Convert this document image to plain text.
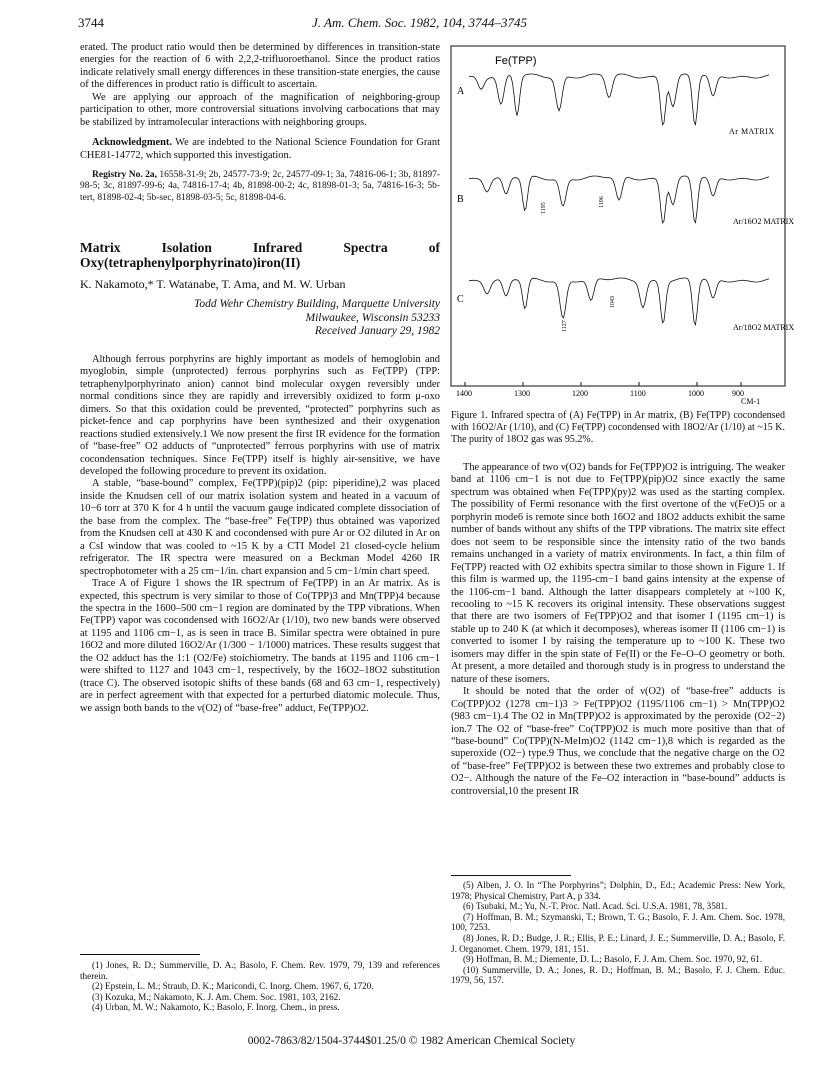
3744	J. Am. Chem. Soc. 1982, 104, 3744–3745

erated. The product ratio would then be determined by differences in transition-state energies for the reaction of 6 with 2,2,2-trifluoroethanol. Since the product ratios indicate relatively small energy differences in these transition-state energies, the cause of the differences in product ratio is difficult to ascertain.

We are applying our approach of the magnification of neighboring-group participation to other, more controversial situations involving carbocations that may be stabilized by intramolecular interactions with neighboring groups.

Acknowledgment. We are indebted to the National Science Foundation for Grant CHE81-14772, which supported this investigation.

Registry No. 2a, 16558-31-9; 2b, 24577-73-9; 2c, 24577-09-1; 3a, 74816-06-1; 3b, 81897-98-5; 3c, 81897-99-6; 4a, 74816-17-4; 4b, 81898-00-2; 4c, 81898-01-3; 5a, 74816-16-3; 5b-tert, 81898-02-4; 5b-sec, 81898-03-5; 5c, 81898-04-6.

Matrix Isolation Infrared Spectra of Oxy(tetraphenylporphyrinato)iron(II)
K. Nakamoto,* T. Watanabe, T. Ama, and M. W. Urban
Todd Wehr Chemistry Building, Marquette University
Milwaukee, Wisconsin 53233
Received January 29, 1982

Although ferrous porphyrins are highly important as models of hemoglobin and myoglobin, simple (unprotected) ferrous porphyrins such as Fe(TPP) (TPP: tetraphenylporphyrinato anion) cannot bind molecular oxygen reversibly under normal conditions since they are rapidly and irreversibly oxidized to form μ-oxo dimers. So that this oxidation could be prevented, “protected” porphyrins such as picket-fence and cap porphyrins have been synthesized and their oxygenation reactions studied extensively.1 We now present the first IR evidence for the formation of “base-free” O2 adducts of “unprotected” ferrous porphyrins with use of matrix cocondensation techniques. Since Fe(TPP) itself is highly air-sensitive, we have developed the following procedure to prevent its oxidation.

A stable, “base-bound” complex, Fe(TPP)(pip)2 (pip: piperidine),2 was placed inside the Knudsen cell of our matrix isolation system and heated in a vacuum of 10−6 torr at 370 K for 4 h until the vacuum gauge indicated complete dissociation of the base from the complex. The “base-free” Fe(TPP) thus obtained was vaporized from the Knudsen cell at 430 K and cocondensed with pure Ar or O2 diluted in Ar on a CsI window that was cooled to ~15 K by a CTI Model 21 closed-cycle helium refrigerator. The IR spectra were measured on a Beckman Model 4260 IR spectrophotometer with a 25 cm−1/in. chart expansion and 5 cm−1/min chart speed.

Trace A of Figure 1 shows the IR spectrum of Fe(TPP) in an Ar matrix. As is expected, this spectrum is very similar to those of Co(TPP)3 and Mn(TPP)4 because the spectra in the 1600–500 cm−1 region are dominated by the TPP vibrations. When Fe(TPP) vapor was cocondensed with 16O2/Ar (1/10), two new bands were observed at 1195 and 1106 cm−1, as is seen in trace B. Similar spectra were obtained in pure 16O2 and more diluted 16O2/Ar (1/300 − 1/1000) matrices. These results suggest that the O2 adduct has the 1:1 (O2/Fe) stoichiometry. The bands at 1195 and 1106 cm−1 were shifted to 1127 and 1043 cm−1, respectively, by the 16O2–18O2 substitution (trace C). The observed isotopic shifts of these bands (68 and 63 cm−1, respectively) are in perfect agreement with that expected for a perturbed diatomic molecule. Thus, we assign both bands to the ν(O2) of “base-free” adduct, Fe(TPP)O2.

(1) Jones, R. D.; Summerville, D. A.; Basolo, F. Chem. Rev. 1979, 79, 139 and references therein.
(2) Epstein, L. M.; Straub, D. K.; Maricondi, C. Inorg. Chem. 1967, 6, 1720.
(3) Kozuka, M.; Nakamoto, K. J. Am. Chem. Soc. 1981, 103, 2162.
(4) Urban, M. W.; Nakamoto, K.; Basolo, F. Inorg. Chem., in press.
Fe(TPP)
A
B
C
Ar MATRIX
Ar/16O2 MATRIX
Ar/18O2 MATRIX
1195
1106
1127
1043
1400	1300	1200	1100	1000	900
CM-1
Figure 1. Infrared spectra of (A) Fe(TPP) in Ar matrix, (B) Fe(TPP) cocondensed with 16O2/Ar (1/10), and (C) Fe(TPP) cocondensed with 18O2/Ar (1/10) at ~15 K. The purity of 18O2 gas was 95.2%.

The appearance of two ν(O2) bands for Fe(TPP)O2 is intriguing. The weaker band at 1106 cm−1 is not due to Fe(TPP)(pip)O2 since exactly the same spectrum was obtained when Fe(TPP)(py)2 was used as the starting complex. The possibility of Fermi resonance with the first overtone of the ν(FeO)5 or a porphyrin mode6 is remote since both 16O2 and 18O2 adducts exhibit the same number of bands without any shifts of the TPP vibrations. The matrix site effect does not seem to be responsible since the intensity ratio of the two bands remains unchanged in a variety of matrix environments. In fact, a thin film of Fe(TPP) reacted with O2 exhibits spectra similar to those shown in Figure 1. If this film is warmed up, the 1195-cm−1 band gains intensity at the expense of the 1106-cm−1 band. Although the latter disappears completely at ~100 K, recooling to ~15 K recovers its original intensity. These observations suggest that there are two isomers of Fe(TPP)O2 and that isomer I (1195 cm−1) is stable up to 240 K (at which it decomposes), whereas isomer II (1106 cm−1) is converted to isomer I by raising the temperature up to ~100 K. These two isomers may differ in the spin state of Fe(II) or the Fe–O–O geometry or both. At present, a more detailed and thorough study is in progress to understand the nature of these isomers.

It should be noted that the order of ν(O2) of “base-free” adducts is Co(TPP)O2 (1278 cm−1)3 > Fe(TPP)O2 (1195/1106 cm−1) > Mn(TPP)O2 (983 cm−1).4 The O2 in Mn(TPP)O2 is approximated by the peroxide (O2−2) ion.7 The O2 of “base-free” Co(TPP)O2 is much more positive than that of “base-bound” Co(TPP)(N-MeIm)O2 (1142 cm−1),8 which is regarded as the superoxide (O2−) type.9 Thus, we conclude that the negative charge on the O2 of “base-free” Fe(TPP)O2 is between these two extremes and probably close to O2−. Although the nature of the Fe–O2 interaction in “base-bound” adducts is controversial,10 the present IR

(5) Alben, J. O. In “The Porphyrins”; Dolphin, D., Ed.; Academic Press: New York, 1978; Physical Chemistry, Part A, p 334.
(6) Tsubaki, M.; Yu, N.-T. Proc. Natl. Acad. Sci. U.S.A. 1981, 78, 3581.
(7) Hoffman, B. M.; Szymanski, T.; Brown, T. G.; Basolo, F. J. Am. Chem. Soc. 1978, 100, 7253.
(8) Jones, R. D.; Budge, J. R.; Ellis, P. E.; Linard, J. E.; Summerville, D. A.; Basolo, F. J. Organomet. Chem. 1979, 181, 151.
(9) Hoffman, B. M.; Diemente, D. L.; Basolo, F. J. Am. Chem. Soc. 1970, 92, 61.
(10) Summerville, D. A.; Jones, R. D.; Hoffman, B. M.; Basolo, F. J. Chem. Educ. 1979, 56, 157.
0002-7863/82/1504-3744$01.25/0 © 1982 American Chemical Society
